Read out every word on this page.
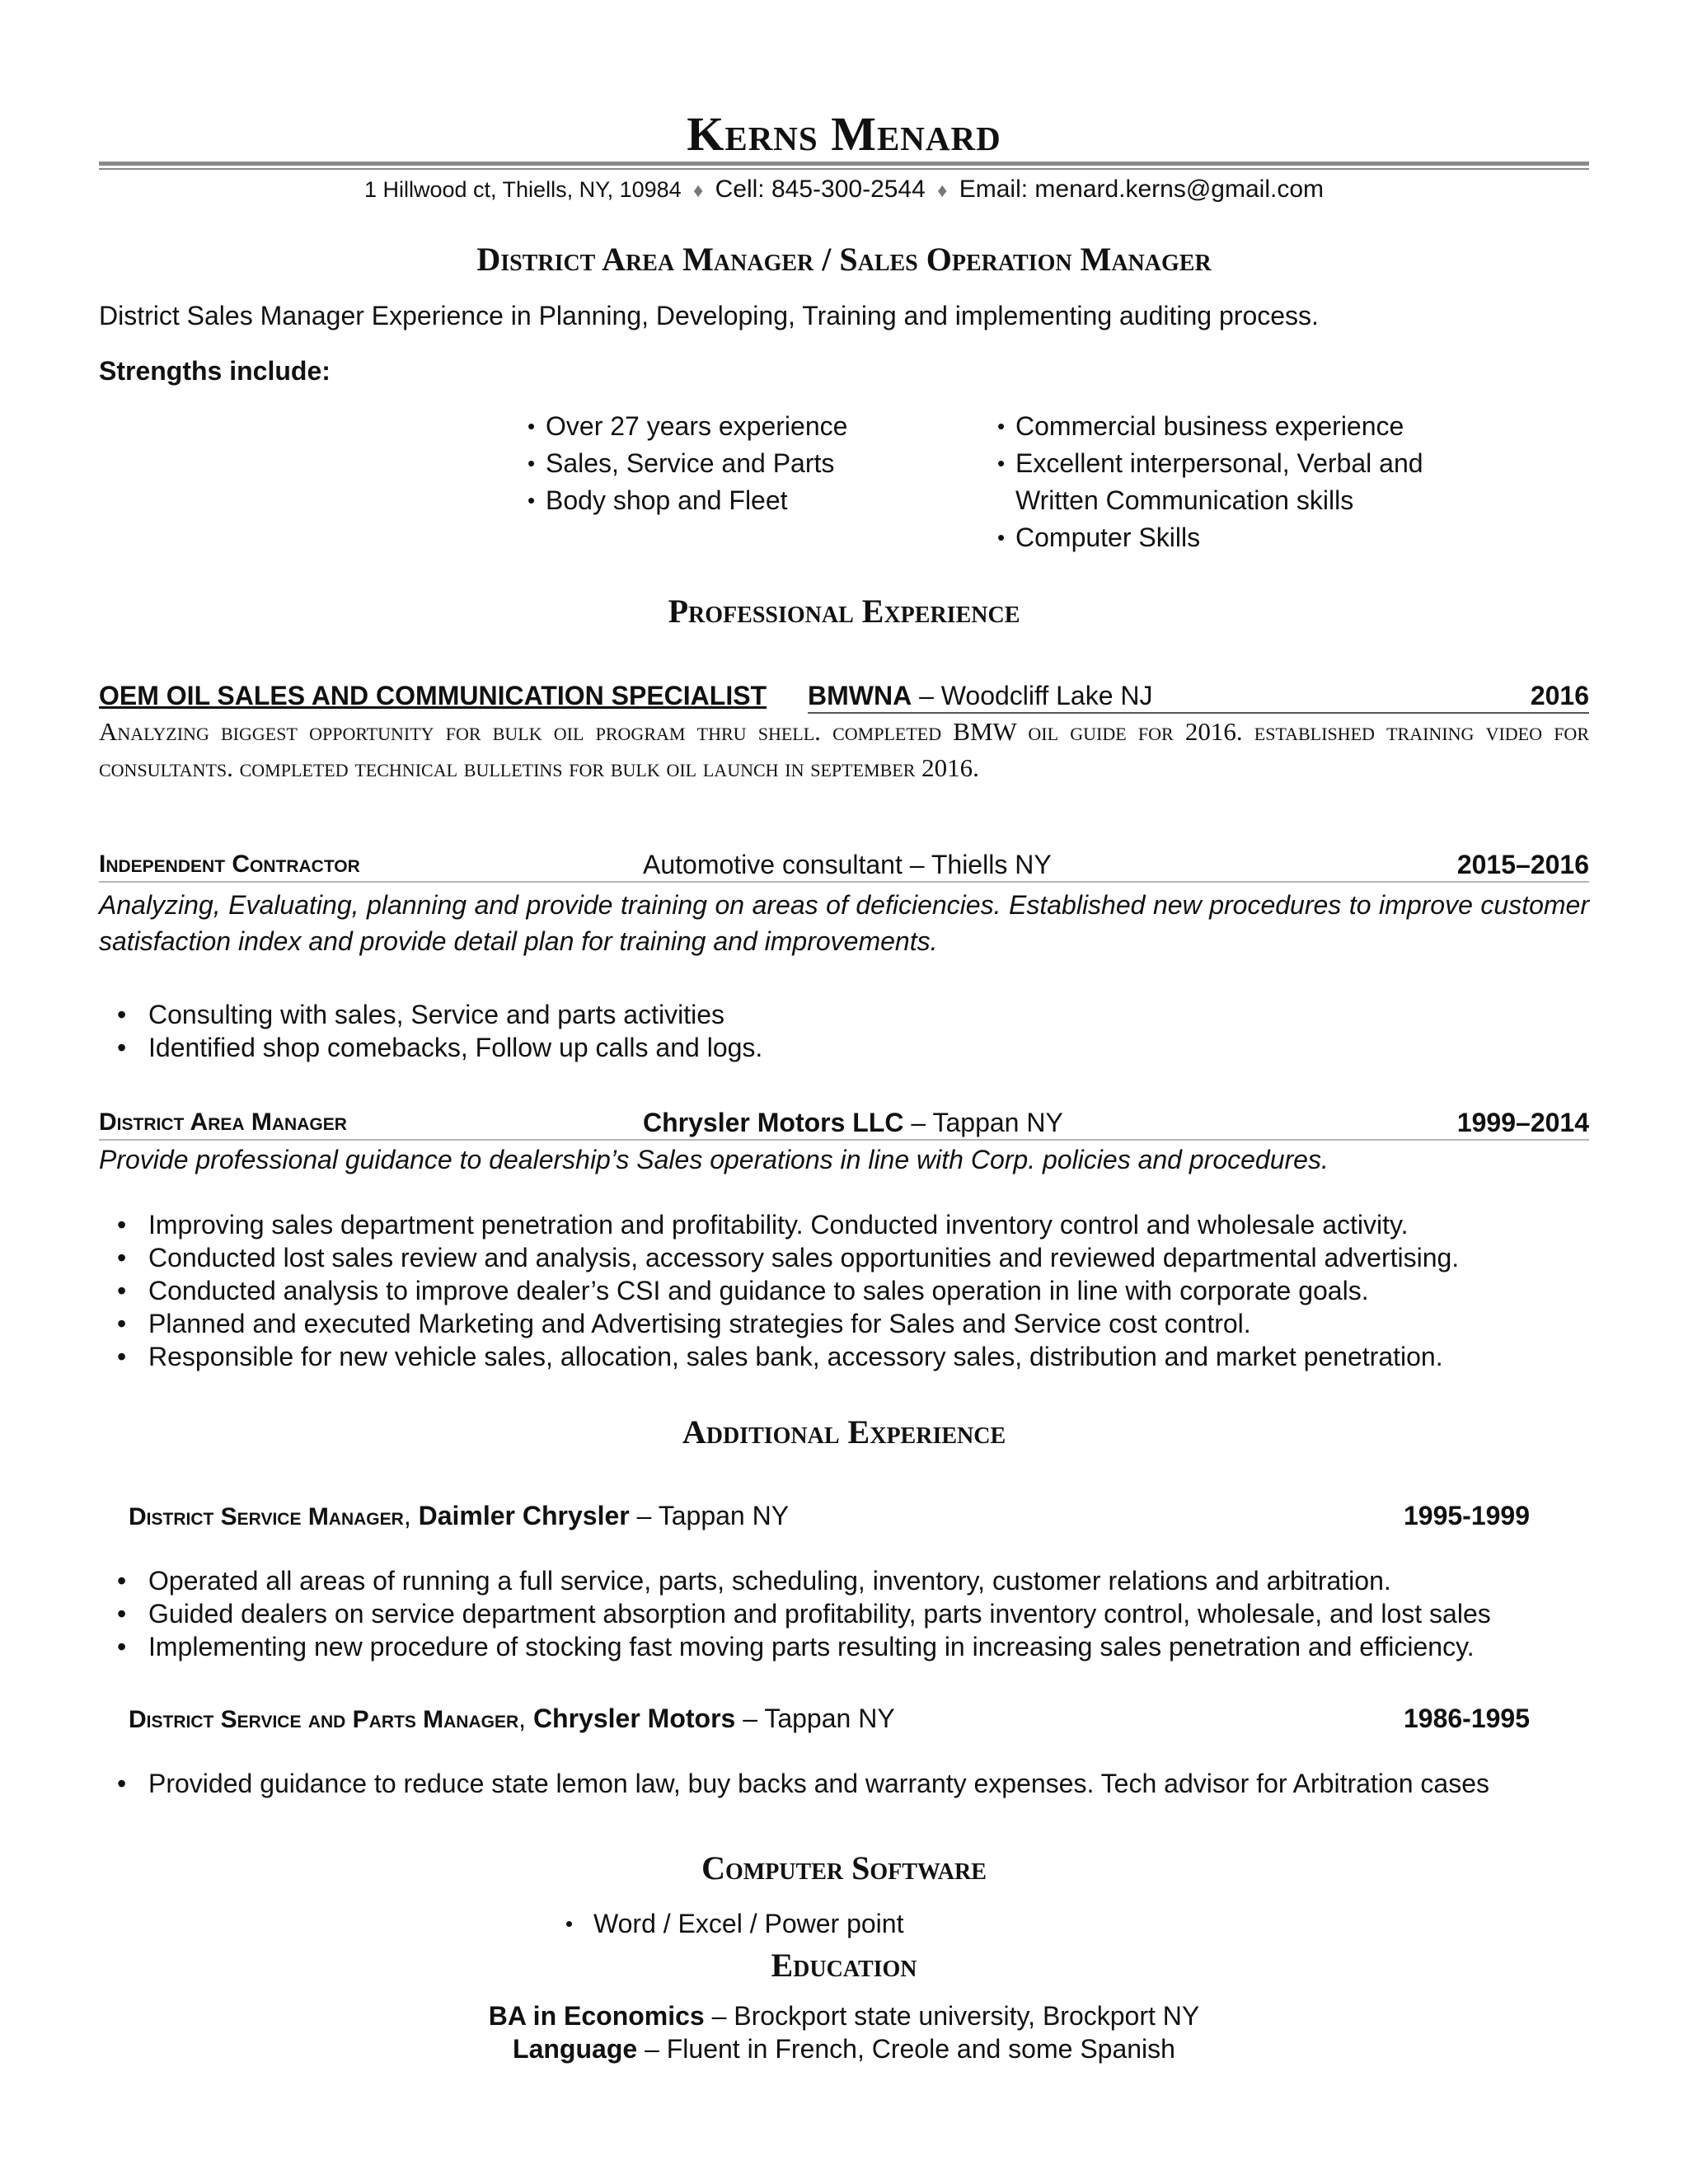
Kerns Menard
1 Hillwood ct, Thiells, NY, 10984 ♦ Cell: 845-300-2544 ♦ Email: menard.kerns@gmail.com
District Area Manager / Sales Operation Manager
District Sales Manager Experience in Planning, Developing, Training and implementing auditing process.
Strengths include:
• Over 27 years experience
• Sales, Service and Parts
• Body shop and Fleet
• Commercial business experience
• Excellent interpersonal, Verbal and
Written Communication skills
• Computer Skills
Professional Experience
OEM OIL SALES AND COMMUNICATION SPECIALIST BMWNA – Woodcliff Lake NJ	2016
Analyzing biggest opportunity for bulk oil program thru shell. completed BMW oil guide for 2016. established training video for consultants. completed technical bulletins for bulk oil launch in september 2016.
Independent Contractor	Automotive consultant – Thiells NY	2015–2016
Analyzing, Evaluating, planning and provide training on areas of deficiencies. Established new procedures to improve customer satisfaction index and provide detail plan for training and improvements.
• Consulting with sales, Service and parts activities
• Identified shop comebacks, Follow up calls and logs.
District Area Manager	Chrysler Motors LLC – Tappan NY	1999–2014
Provide professional guidance to dealership’s Sales operations in line with Corp. policies and procedures.
• Improving sales department penetration and profitability. Conducted inventory control and wholesale activity.
• Conducted lost sales review and analysis, accessory sales opportunities and reviewed departmental advertising.
• Conducted analysis to improve dealer’s CSI and guidance to sales operation in line with corporate goals.
• Planned and executed Marketing and Advertising strategies for Sales and Service cost control.
• Responsible for new vehicle sales, allocation, sales bank, accessory sales, distribution and market penetration.
Additional Experience
District Service Manager, Daimler Chrysler – Tappan NY	1995-1999
• Operated all areas of running a full service, parts, scheduling, inventory, customer relations and arbitration.
• Guided dealers on service department absorption and profitability, parts inventory control, wholesale, and lost sales
• Implementing new procedure of stocking fast moving parts resulting in increasing sales penetration and efficiency.
District Service and Parts Manager, Chrysler Motors – Tappan NY	1986-1995
• Provided guidance to reduce state lemon law, buy backs and warranty expenses. Tech advisor for Arbitration cases
Computer Software
• Word / Excel / Power point
Education
BA in Economics – Brockport state university, Brockport NY
Language – Fluent in French, Creole and some Spanish
